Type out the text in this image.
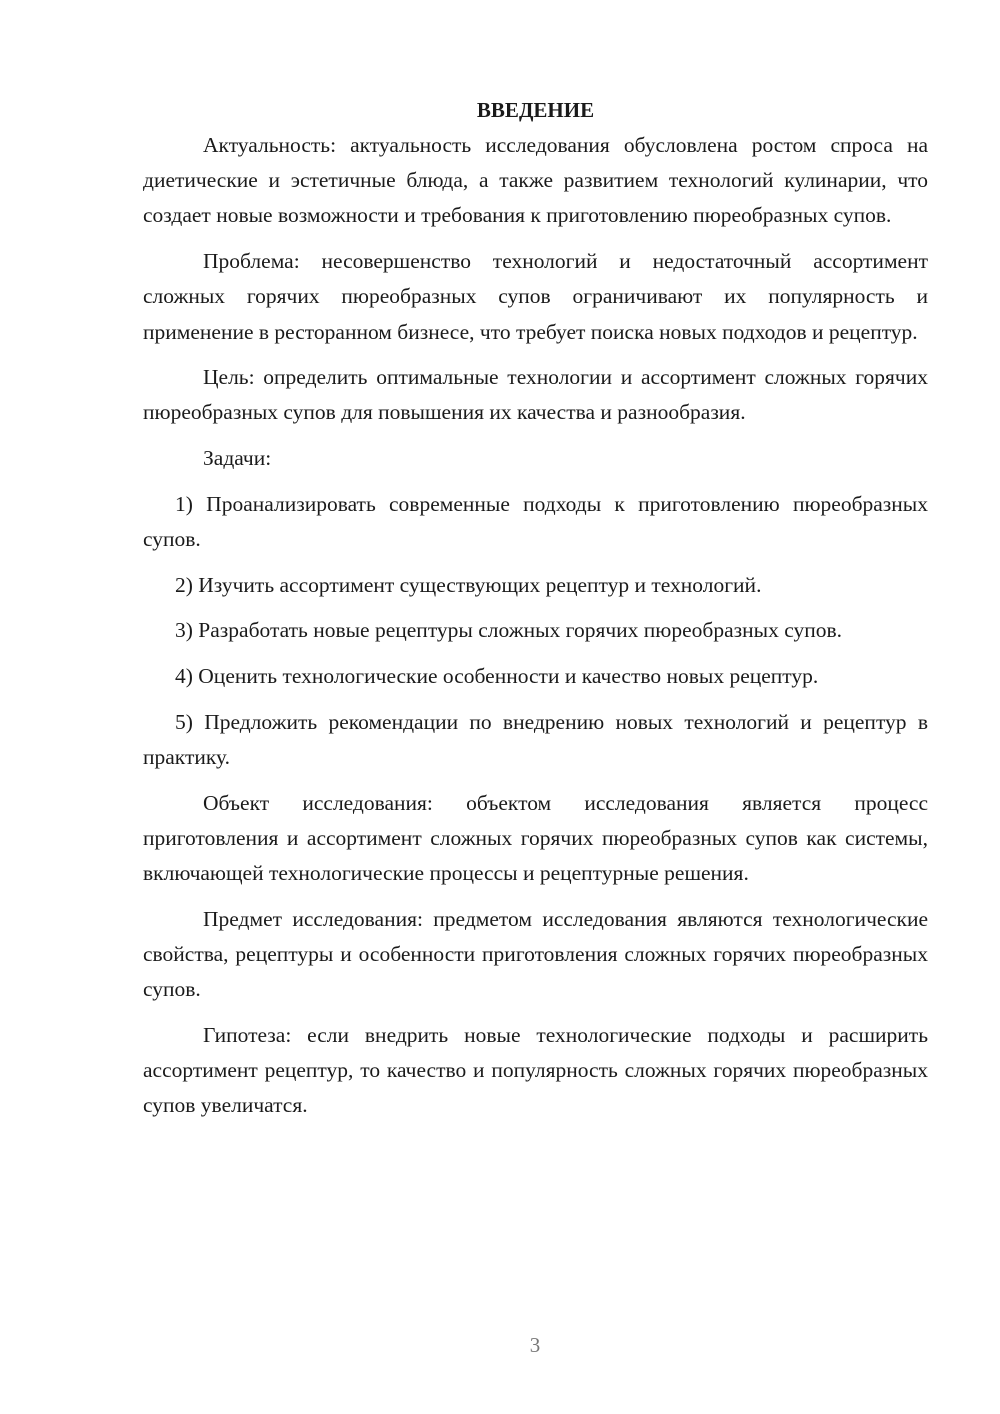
ВВЕДЕНИЕ

Актуальность: актуальность исследования обусловлена ростом спроса на диетические и эстетичные блюда, а также развитием технологий кулинарии, что создает новые возможности и требования к приготовлению пюреобразных супов.

Проблема: несовершенство технологий и недостаточный ассортимент сложных горячих пюреобразных супов ограничивают их популярность и применение в ресторанном бизнесе, что требует поиска новых подходов и рецептур.

Цель: определить оптимальные технологии и ассортимент сложных горячих пюреобразных супов для повышения их качества и разнообразия.

Задачи:

1) Проанализировать современные подходы к приготовлению пюреобразных супов.

2) Изучить ассортимент существующих рецептур и технологий.

3) Разработать новые рецептуры сложных горячих пюреобразных супов.

4) Оценить технологические особенности и качество новых рецептур.

5) Предложить рекомендации по внедрению новых технологий и рецептур в практику.

Объект исследования: объектом исследования является процесс приготовления и ассортимент сложных горячих пюреобразных супов как системы, включающей технологические процессы и рецептурные решения.

Предмет исследования: предметом исследования являются технологические свойства, рецептуры и особенности приготовления сложных горячих пюреобразных супов.

Гипотеза: если внедрить новые технологические подходы и расширить ассортимент рецептур, то качество и популярность сложных горячих пюреобразных супов увеличатся.

3
